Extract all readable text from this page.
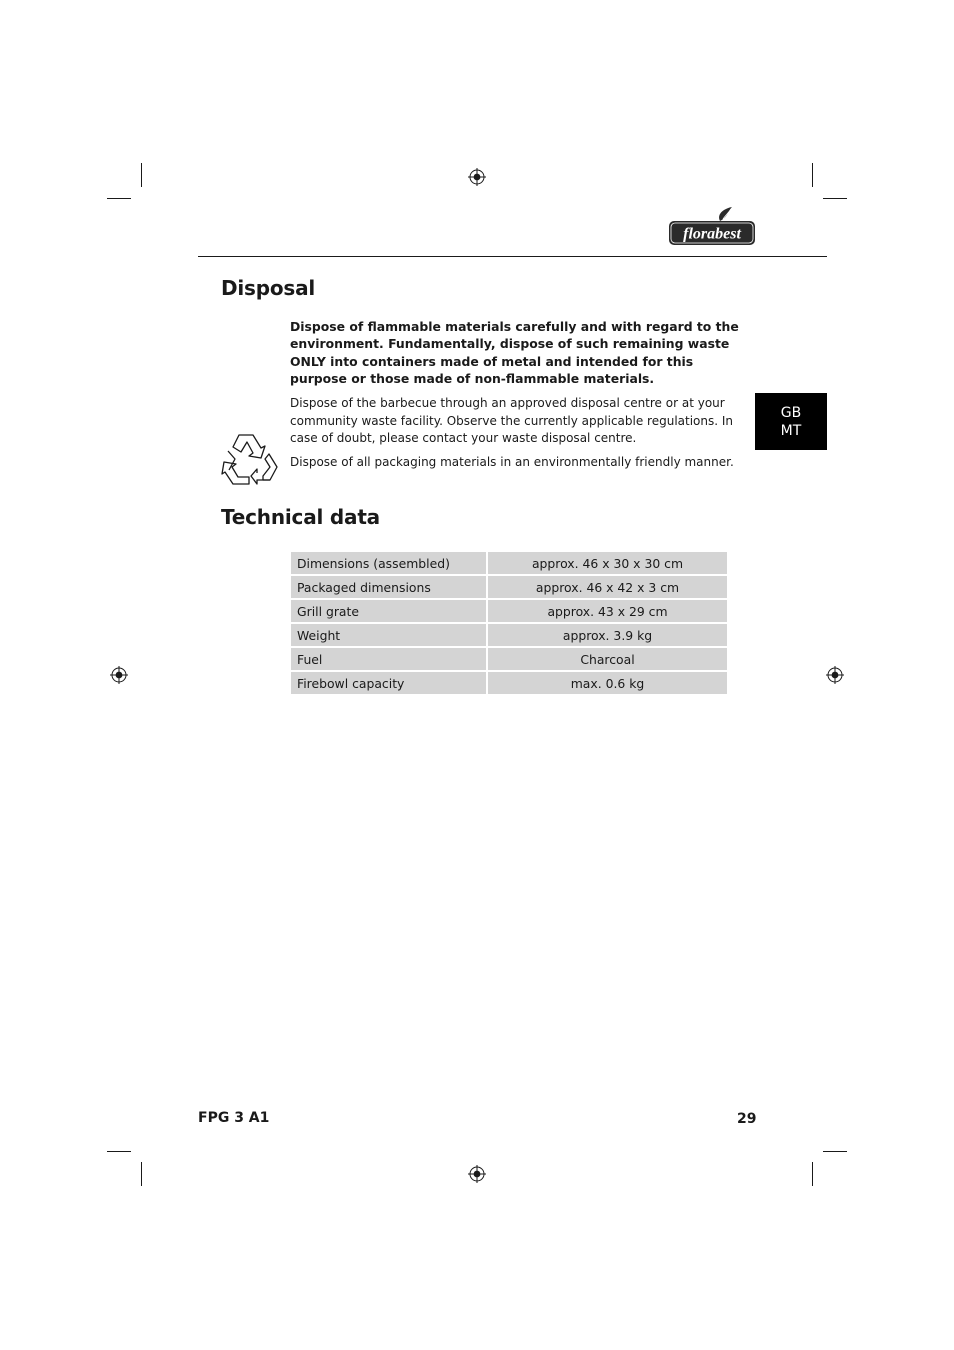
florabest
Disposal
Dispose of flammable materials carefully and with regard to the environment. Fundamentally, dispose of such remaining waste ONLY into containers made of metal and intended for this purpose or those made of non-flammable materials.
Dispose of the barbecue through an approved disposal centre or at your community waste facility. Observe the currently applicable regulations. In case of doubt, please contact your waste disposal centre.
Dispose of all packaging materials in an environmentally friendly manner.
GB
MT
Technical data
Dimensions (assembled)	approx. 46 x 30 x 30 cm
Packaged dimensions	approx. 46 x 42 x 3 cm
Grill grate	approx. 43 x 29 cm
Weight	approx. 3.9 kg
Fuel	Charcoal
Firebowl capacity	max. 0.6 kg
FPG 3 A1	29
